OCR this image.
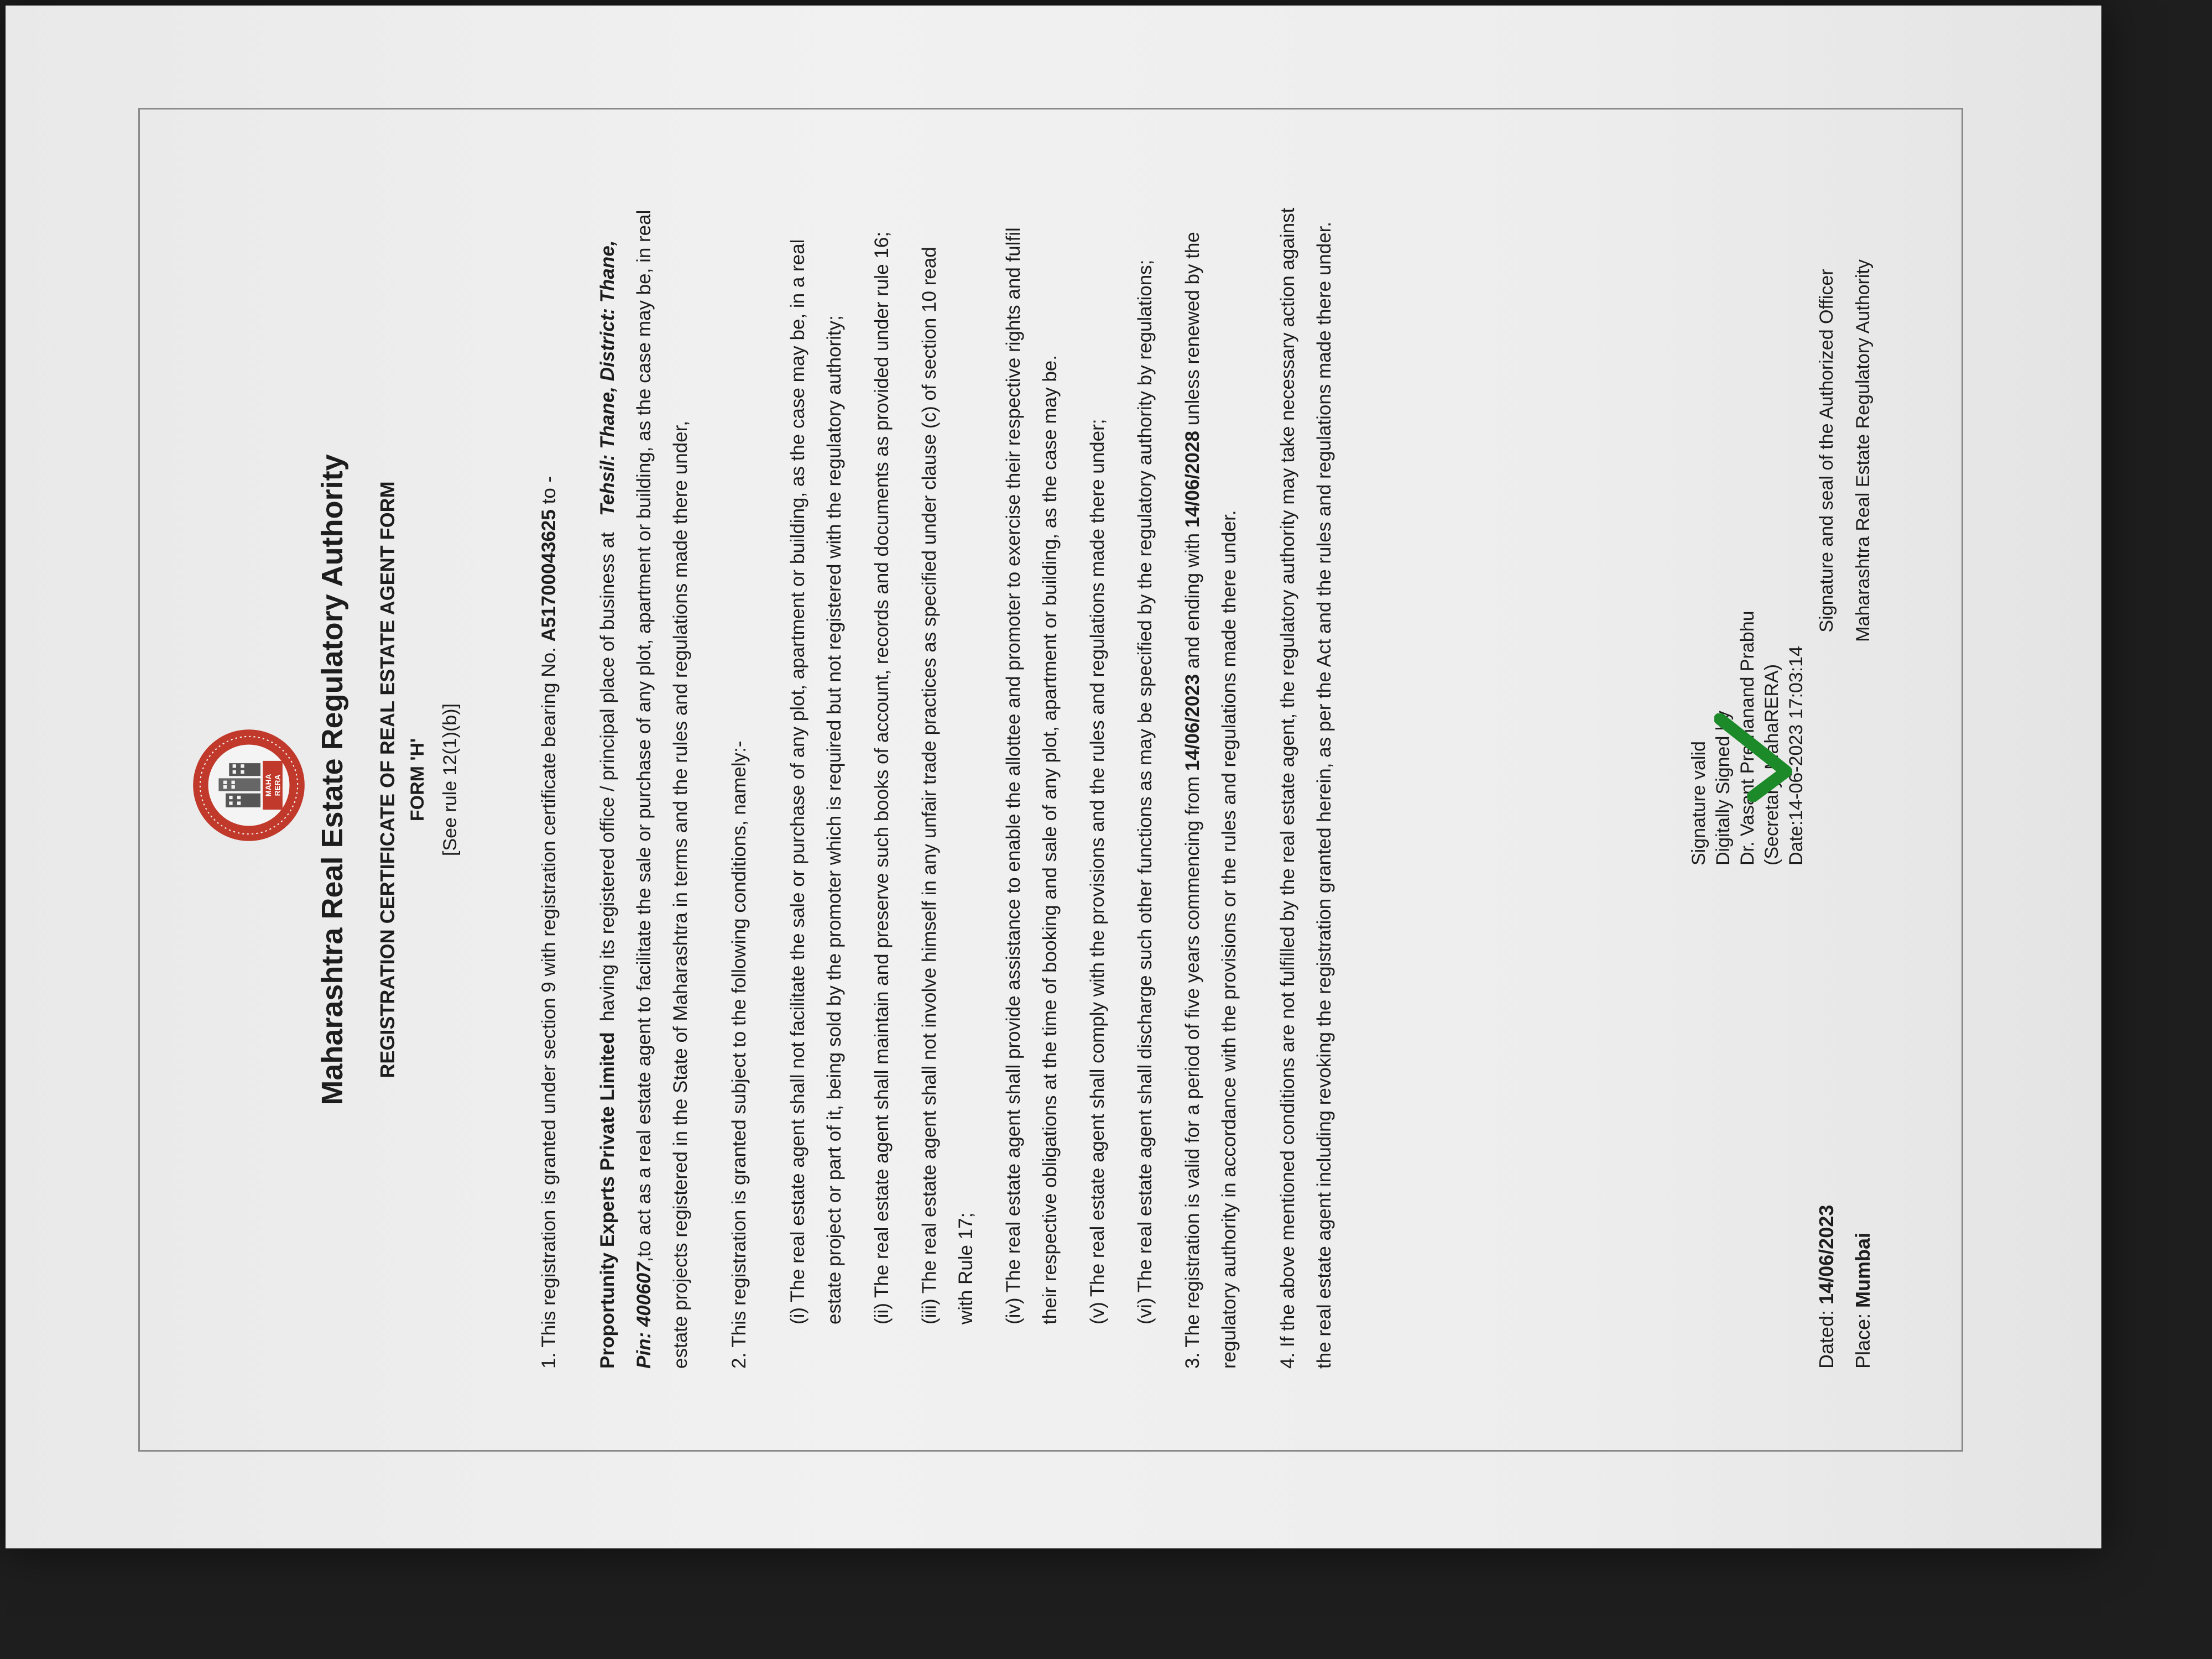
MAHA RERA Maharashtra Real Estate Regulatory Authority REGISTRATION CERTIFICATE OF REAL ESTATE AGENT FORM FORM 'H' [See rule 12(1)(b)]	1. This registration is granted under section 9 with registration certificate bearing No. A51700043625 to -

Proportunity Experts Private Limited  having its registered office / principal place of business at   Tehsil: Thane, District: Thane, Pin: 400607,to act as a real estate agent to facilitate the sale or purchase of any plot, apartment or building, as the case may be, in real estate projects registered in the State of Maharashtra in terms and the rules and regulations made there under,	2. This registration is granted subject to the following conditions, namely:-	(i) The real estate agent shall not facilitate the sale or purchase of any plot, apartment or building, as the case may be, in a real estate project or part of it, being sold by the promoter which is required but not registered with the regulatory authority;	(ii) The real estate agent shall maintain and preserve such books of account, records and documents as provided under rule 16;	(iii) The real estate agent shall not involve himself in any unfair trade practices as specified under clause (c) of section 10 read with Rule 17;	(iv) The real estate agent shall provide assistance to enable the allottee and promoter to exercise their respective rights and fulfil their respective obligations at the time of booking and sale of any plot, apartment or building, as the case may be.	(v) The real estate agent shall comply with the provisions and the rules and regulations made there under;	(vi) The real estate agent shall discharge such other functions as may be specified by the regulatory authority by regulations;	3. The registration is valid for a period of five years commencing from 14/06/2023 and ending with 14/06/2028 unless renewed by the regulatory authority in accordance with the provisions or the rules and regulations made there under.	4. If the above mentioned conditions are not fulfilled by the real estate agent, the regulatory authority may take necessary action against the real estate agent including revoking the registration granted herein, as per the Act and the rules and regulations made there under.	Signature valid Digitally Signed by Dr. Vasant Premanand Prabhu (Secretary, MahaRERA) Date:14-06-2023 17:03:14
Signature and seal of the Authorized Officer Maharashtra Real Estate Regulatory Authority
Dated: 14/06/2023
Place: Mumbai
